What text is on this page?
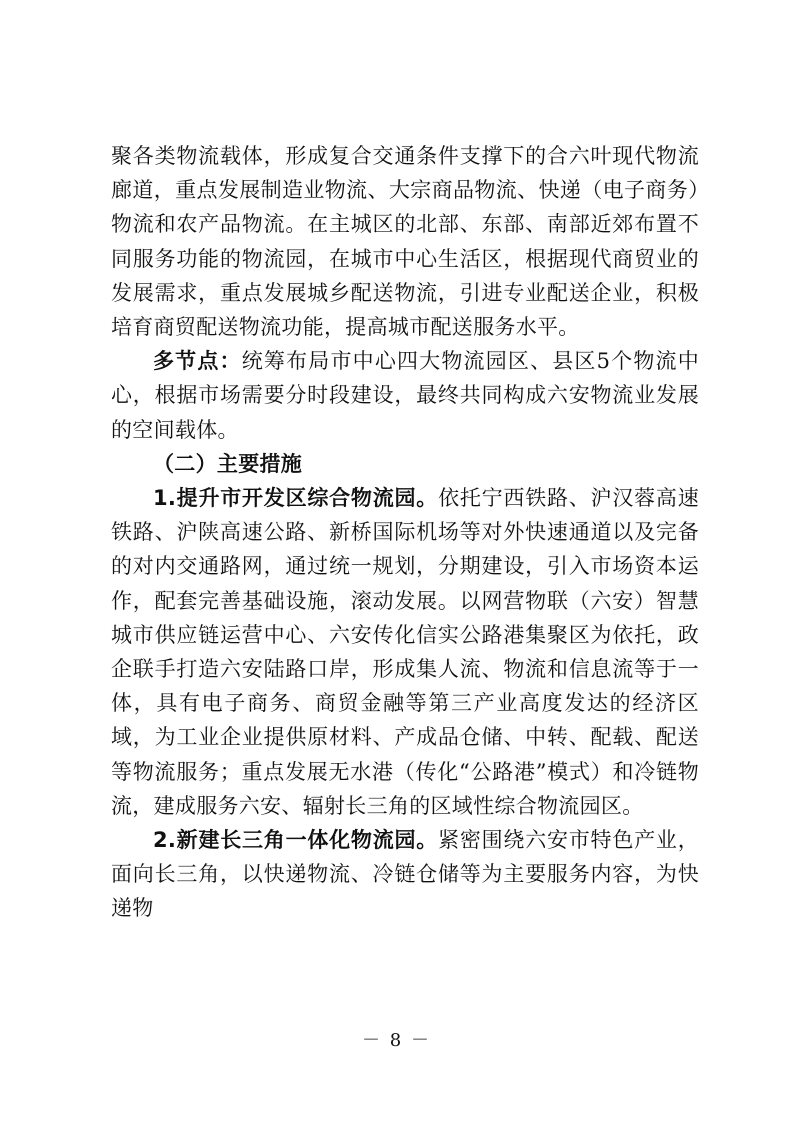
聚各类物流载体，形成复合交通条件支撑下的合六叶现代物流廊道，重点发展制造业物流、大宗商品物流、快递（电子商务）物流和农产品物流。在主城区的北部、东部、南部近郊布置不同服务功能的物流园，在城市中心生活区，根据现代商贸业的发展需求，重点发展城乡配送物流，引进专业配送企业，积极培育商贸配送物流功能，提高城市配送服务水平。

多节点：统筹布局市中心四大物流园区、县区5个物流中心，根据市场需要分时段建设，最终共同构成六安物流业发展的空间载体。

（二）主要措施

1.提升市开发区综合物流园。依托宁西铁路、沪汉蓉高速铁路、沪陕高速公路、新桥国际机场等对外快速通道以及完备的对内交通路网，通过统一规划，分期建设，引入市场资本运作，配套完善基础设施，滚动发展。以网营物联（六安）智慧城市供应链运营中心、六安传化信实公路港集聚区为依托，政企联手打造六安陆路口岸，形成集人流、物流和信息流等于一体，具有电子商务、商贸金融等第三产业高度发达的经济区域，为工业企业提供原材料、产成品仓储、中转、配载、配送等物流服务；重点发展无水港（传化“公路港”模式）和冷链物流，建成服务六安、辐射长三角的区域性综合物流园区。

2.新建长三角一体化物流园。紧密围绕六安市特色产业，面向长三角，以快递物流、冷链仓储等为主要服务内容，为快递物

－ 8 －
